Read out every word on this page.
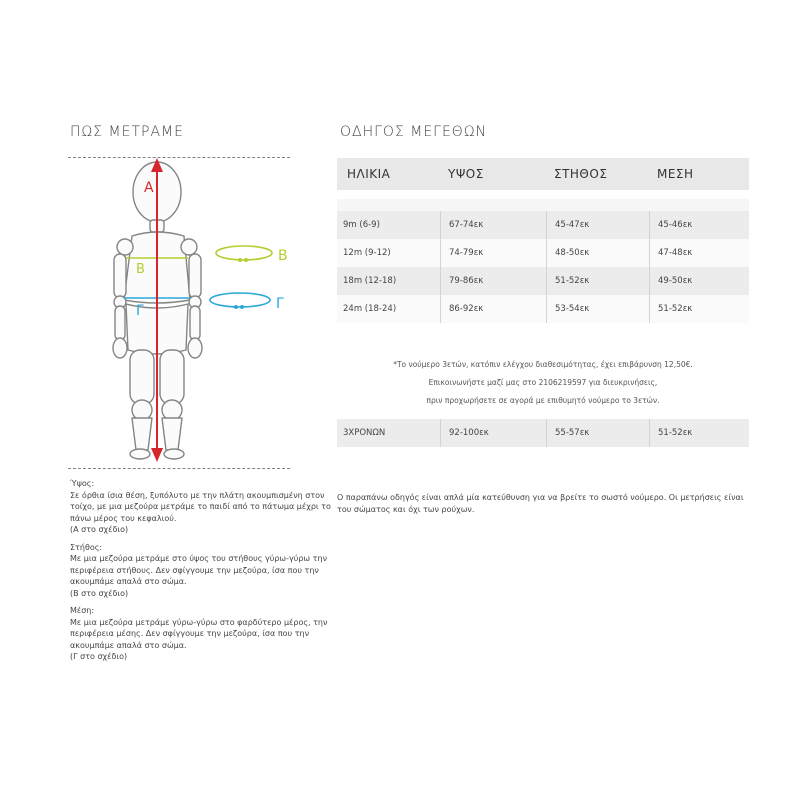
ΠΩΣ ΜΕΤΡΑΜΕ
A
B
B
Γ	Γ

Ύψος:
Σε όρθια ίσια θέση, ξυπόλυτο με την πλάτη ακουμπισμένη στον τοίχο, με μια μεζούρα μετράμε το παιδί από το πάτωμα μέχρι το πάνω μέρος του κεφαλιού.
(A στο σχέδιο)

Στήθος:
Με μια μεζούρα μετράμε στο ύψος του στήθους γύρω-γύρω την περιφέρεια στήθους. Δεν σφίγγουμε την μεζούρα, ίσα που την ακουμπάμε απαλά στο σώμα.
(Β στο σχέδιο)

Μέση:
Με μια μεζούρα μετράμε γύρω-γύρω στο φαρδύτερο μέρος, την περιφέρεια μέσης. Δεν σφίγγουμε την μεζούρα, ίσα που την ακουμπάμε απαλά στο σώμα.
(Γ στο σχέδιο)

ΟΔΗΓΟΣ ΜΕΓΕΘΩΝ
ΗΛΙΚΙΑ	ΥΨΟΣ	ΣΤΗΘΟΣ	ΜΕΣΗ
9m (6-9)	67-74εκ	45-47εκ	45-46εκ
12m (9-12)	74-79εκ	48-50εκ	47-48εκ
18m (12-18)	79-86εκ	51-52εκ	49-50εκ
24m (18-24)	86-92εκ	53-54εκ	51-52εκ
*Το νούμερο 3ετών, κατόπιν ελέγχου διαθεσιμότητας, έχει επιβάρυνση 12,50€.
Επικοινωνήστε μαζί μας στο 2106219597 για διευκρινήσεις,
πριν προχωρήσετε σε αγορά με επιθυμητό νούμερο το 3ετών.
3ΧΡΟΝΩΝ	92-100εκ	55-57εκ	51-52εκ
Ο παραπάνω οδηγός είναι απλά μία κατεύθυνση για να βρείτε το σωστό νούμερο. Οι μετρήσεις είναι του σώματος και όχι των ρούχων.
